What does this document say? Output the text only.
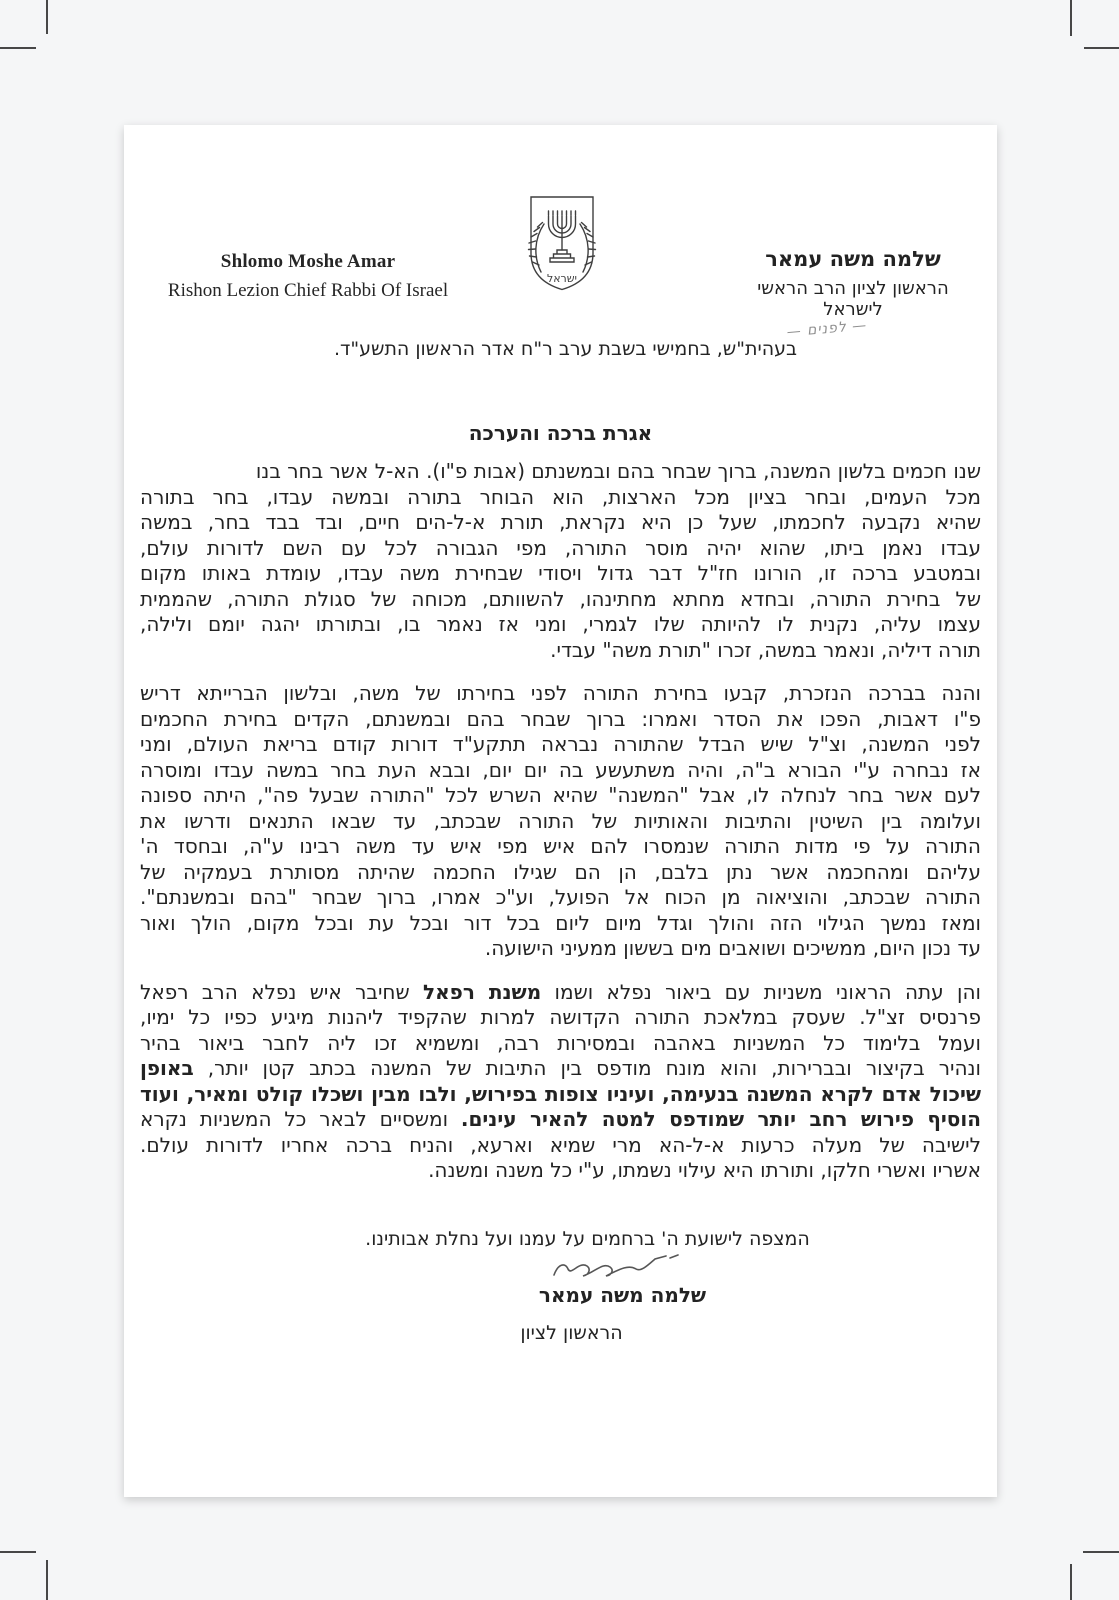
Shlomo Moshe Amar
Rishon Lezion Chief Rabbi Of Israel
ישראל
שלמה משה עמאר
הראשון לציון הרב הראשי לישראל
— לפנים —
בעהית"ש, בחמישי בשבת ערב ר"ח אדר הראשון התשע"ד.
אגרת ברכה והערכה
שנו חכמים בלשון המשנה, ברוך שבחר בהם ובמשנתם (אבות פ"ו). הא-ל אשר בחר בנו
מכל העמים, ובחר בציון מכל הארצות, הוא הבוחר בתורה ובמשה עבדו, בחר בתורה
שהיא נקבעה לחכמתו, שעל כן היא נקראת, תורת א-ל-הים חיים, ובד בבד בחר, במשה
עבדו נאמן ביתו, שהוא יהיה מוסר התורה, מפי הגבורה לכל עם השם לדורות עולם,
ובמטבע ברכה זו, הורונו חז"ל דבר גדול ויסודי שבחירת משה עבדו, עומדת באותו מקום
של בחירת התורה, ובחדא מחתא מחתינהו, להשוותם, מכוחה של סגולת התורה, שהממית
עצמו עליה, נקנית לו להיותה שלו לגמרי, ומני אז נאמר בו, ובתורתו יהגה יומם ולילה,
תורה דיליה, ונאמר במשה, זכרו "תורת משה" עבדי.
והנה בברכה הנזכרת, קבעו בחירת התורה לפני בחירתו של משה, ובלשון הברייתא דריש
פ"ו דאבות, הפכו את הסדר ואמרו: ברוך שבחר בהם ובמשנתם, הקדים בחירת החכמים
לפני המשנה, וצ"ל שיש הבדל שהתורה נבראה תתקע"ד דורות קודם בריאת העולם, ומני
אז נבחרה ע"י הבורא ב"ה, והיה משתעשע בה יום יום, ובבא העת בחר במשה עבדו ומוסרה
לעם אשר בחר לנחלה לו, אבל "המשנה" שהיא השרש לכל "התורה שבעל פה", היתה ספונה
ועלומה בין השיטין והתיבות והאותיות של התורה שבכתב, עד שבאו התנאים ודרשו את
התורה על פי מדות התורה שנמסרו להם איש מפי איש עד משה רבינו ע"ה, ובחסד ה'
עליהם ומהחכמה אשר נתן בלבם, הן הם שגילו החכמה שהיתה מסותרת בעמקיה של
התורה שבכתב, והוציאוה מן הכוח אל הפועל, וע"כ אמרו, ברוך שבחר "בהם ובמשנתם".
ומאז נמשך הגילוי הזה והולך וגדל מיום ליום בכל דור ובכל עת ובכל מקום, הולך ואור
עד נכון היום, ממשיכים ושואבים מים בששון ממעיני הישועה.
והן עתה הראוני משניות עם ביאור נפלא ושמו משנת רפאל שחיבר איש נפלא הרב רפאל
פרנסיס זצ"ל. שעסק במלאכת התורה הקדושה למרות שהקפיד ליהנות מיגיע כפיו כל ימיו,
ועמל בלימוד כל המשניות באהבה ובמסירות רבה, ומשמיא זכו ליה לחבר ביאור בהיר
ונהיר בקיצור ובברירות, והוא מונח מודפס בין התיבות של המשנה בכתב קטן יותר, באופן
שיכול אדם לקרא המשנה בנעימה, ועיניו צופות בפירוש, ולבו מבין ושכלו קולט ומאיר, ועוד
הוסיף פירוש רחב יותר שמודפס למטה להאיר עינים. ומשסיים לבאר כל המשניות נקרא
לישיבה של מעלה כרעות א-ל-הא מרי שמיא וארעא, והניח ברכה אחריו לדורות עולם.
אשריו ואשרי חלקו, ותורתו היא עילוי נשמתו, ע"י כל משנה ומשנה.
המצפה לישועת ה' ברחמים על עמנו ועל נחלת אבותינו.
שלמה משה עמאר
הראשון לציון
